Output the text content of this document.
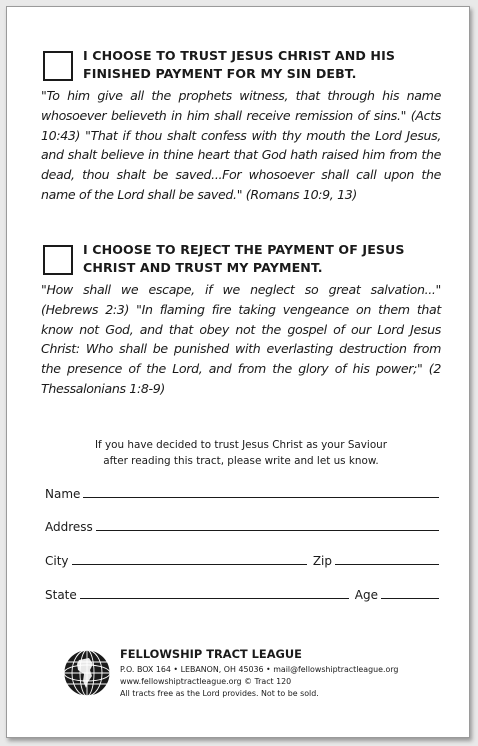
I CHOOSE TO TRUST JESUS CHRIST AND HIS FINISHED PAYMENT FOR MY SIN DEBT.

"To him give all the prophets witness, that through his name whosoever believeth in him shall receive remission of sins." (Acts 10:43) "That if thou shalt confess with thy mouth the Lord Jesus, and shalt believe in thine heart that God hath raised him from the dead, thou shalt be saved...For whosoever shall call upon the name of the Lord shall be saved." (Romans 10:9, 13)

I CHOOSE TO REJECT THE PAYMENT OF JESUS CHRIST AND TRUST MY PAYMENT.

"How shall we escape, if we neglect so great salvation..." (Hebrews 2:3) "In flaming fire taking vengeance on them that know not God, and that obey not the gospel of our Lord Jesus Christ: Who shall be punished with everlasting destruction from the presence of the Lord, and from the glory of his power;" (2 Thessalonians 1:8-9)

If you have decided to trust Jesus Christ as your Saviour
after reading this tract, please write and let us know.

Name
Address
City	Zip
State	Age

FELLOWSHIP TRACT LEAGUE

P.O. BOX 164 • LEBANON, OH 45036 • mail@fellowshiptractleague.org

www.fellowshiptractleague.org © Tract 120

All tracts free as the Lord provides. Not to be sold.
